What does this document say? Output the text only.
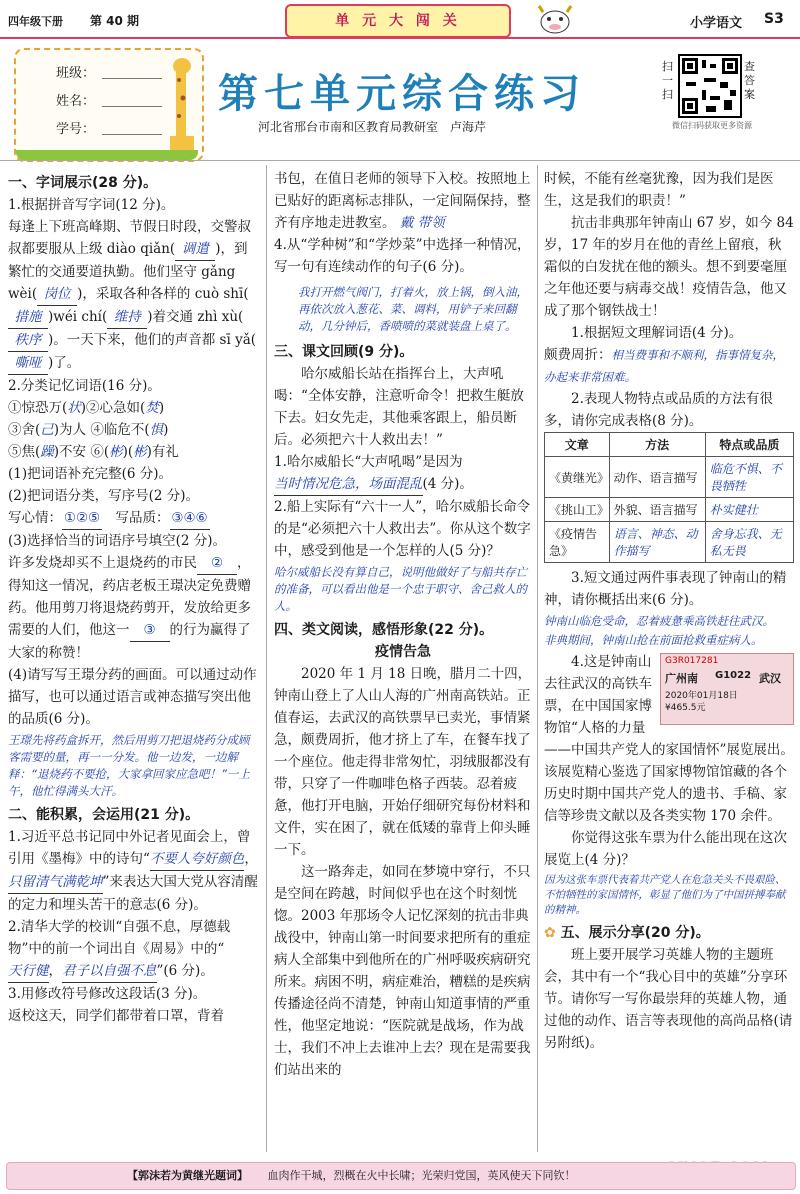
四年级下册 第 40 期	单 元 大 闯 关	小学语文 S3
班级：
姓名：
学号：
第七单元综合练习
河北省邢台市南和区教育局教研室　卢海芹
扫一扫
查答案
微信扫码获取更多资源
一、字词展示(28 分)。

1.根据拼音写字词(12 分)。

每逢上下班高峰期、节假日时段，交警叔叔都要服从上级 diào qiǎn( 调遣 )，到繁忙的交通要道执勤。他们坚守 gǎng wèi( 岗位 )，采取各种各样的 cuò shī(措施 )wéi chí( 维持 )着交通 zhì xù(秩序 )。一天下来，他们的声音都 sī yǎ(嘶哑 )了。

2.分类记忆词语(16 分)。

①惊恐万(状)②心急如(焚)

③舍(己)为人 ④临危不(惧)

⑤焦(躁)不安 ⑥(彬)(彬)有礼

(1)把词语补充完整(6 分)。

(2)把词语分类，写序号(2 分)。

写心情： ①②⑤　 写品质： ③④⑥

(3)选择恰当的词语序号填空(2 分)。

许多发烧却买不上退烧药的市民 ② ，得知这一情况，药店老板王璟决定免费赠药。他用剪刀将退烧药剪开，发放给更多需要的人们，他这一 ③ 的行为赢得了大家的称赞！

(4)请写写王璟分药的画面。可以通过动作描写，也可以通过语言或神态描写突出他的品质(6 分)。

王璟先将药盒拆开，然后用剪刀把退烧药分成顾客需要的量，再一一分发。他一边发，一边解释：“退烧药不要抢，大家拿回家应急吧！”一上午，他忙得满头大汗。

二、能积累，会运用(21 分)。

1.习近平总书记同中外记者见面会上，曾引用《墨梅》中的诗句“不要人夸好颜色，只留清气满乾坤”来表达大国大党从容清醒的定力和埋头苦干的意志(6 分)。

2.清华大学的校训“自强不息，厚德载物”中的前一个词出自《周易》中的“天行健，君子以自强不息”(6 分)。

3.用修改符号修改这段话(3 分)。

返校这天，同学们都带着口罩，背着

书包，在值日老师的领导下入校。按照地上已贴好的距离标志排队，一定间隔保持，整齐有序地走进教室。 戴 带领

4.从“学种树”和“学炒菜”中选择一种情况，写一句有连续动作的句子(6 分)。

我打开燃气阀门，打着火，放上锅，倒入油，再依次放入葱花、菜、调料，用铲子来回翻动，几分钟后，香喷喷的菜就装盘上桌了。

三、课文回顾(9 分)。

哈尔威船长站在指挥台上，大声吼喝：“全体安静，注意听命令！把救生艇放下去。妇女先走，其他乘客跟上，船员断后。必须把六十人救出去！”

1.哈尔威船长“大声吼喝”是因为当时情况危急，场面混乱(4 分)。

2.船上实际有“六十一人”，哈尔威船长命令的是“必须把六十人救出去”。你从这个数字中，感受到他是一个怎样的人(5 分)？

哈尔威船长没有算自己，说明他做好了与船共存亡的准备，可以看出他是一个忠于职守、舍己救人的人。

四、类文阅读，感悟形象(22 分)。
疫情告急

2020 年 1 月 18 日晚，腊月二十四，钟南山登上了人山人海的广州南高铁站。正值春运，去武汉的高铁票早已卖光，事情紧急，颇费周折，他才挤上了车，在餐车找了一个座位。他走得非常匆忙，羽绒服都没有带，只穿了一件咖啡色格子西装。忍着疲惫，他打开电脑，开始仔细研究每份材料和文件，实在困了，就在低矮的靠背上仰头睡一下。

这一路奔走，如同在梦境中穿行，不只是空间在跨越，时间似乎也在这个时刻恍惚。2003 年那场令人记忆深刻的抗击非典战役中，钟南山第一时间要求把所有的重症病人全部集中到他所在的广州呼吸疾病研究所来。病困不明，病症难治，糟糕的是疾病传播途径尚不清楚，钟南山知道事情的严重性，他坚定地说：“医院就是战场，作为战士，我们不冲上去谁冲上去？现在是需要我们站出来的

时候，不能有丝毫犹豫，因为我们是医生，这是我们的职责！”

抗击非典那年钟南山 67 岁，如今 84 岁，17 年的岁月在他的青丝上留痕，秋霜似的白发扰在他的额头。想不到要毫厘之年他还要与病毒交战！疫情告急，他又成了那个钢铁战士！

1.根据短文理解词语(4 分)。

颇费周折：相当费事和不顺利，指事情复杂，办起来非常困难。

2.表现人物特点或品质的方法有很多，请你完成表格(8 分)。

文章	方法	特点或品质
《黄继光》	动作、语言描写	临危不惧、不畏牺牲
《挑山工》	外貌、语言描写	朴实健壮
《疫情告急》	语言、神态、动作描写	舍身忘我、无私无畏

3.短文通过两件事表现了钟南山的精神，请你概括出来(6 分)。

钟南山临危受命，忍着疲惫乘高铁赶往武汉。

非典期间，钟南山抢在前面抢救重症病人。

G3R017281
广州南 G1022 武汉
2020年01月18日
¥465.5元

4.这是钟南山去往武汉的高铁车票，在中国国家博物馆“人格的力量——中国共产党人的家国情怀”展览展出。该展览精心鉴选了国家博物馆馆藏的各个历史时期中国共产党人的遗书、手稿、家信等珍贵文献以及各类实物 170 余件。

你觉得这张车票为什么能出现在这次展览上(4 分)？

因为这张车票代表着共产党人在危急关头不畏艰险、不怕牺牲的家国情怀，彰显了他们为了中国拼搏奉献的精神。

✿ 五、展示分享(20 分)。

班上要开展学习英雄人物的主题班会，其中有一个“我心目中的英雄”分享环节。请你写一写你最崇拜的英雄人物，通过他的动作、语言等表现他的高尚品格(请另附纸)。

【郭沫若为黄继光题词】 血肉作干城，烈概在火中长啸；光荣归党国，英风使天下同钦！
